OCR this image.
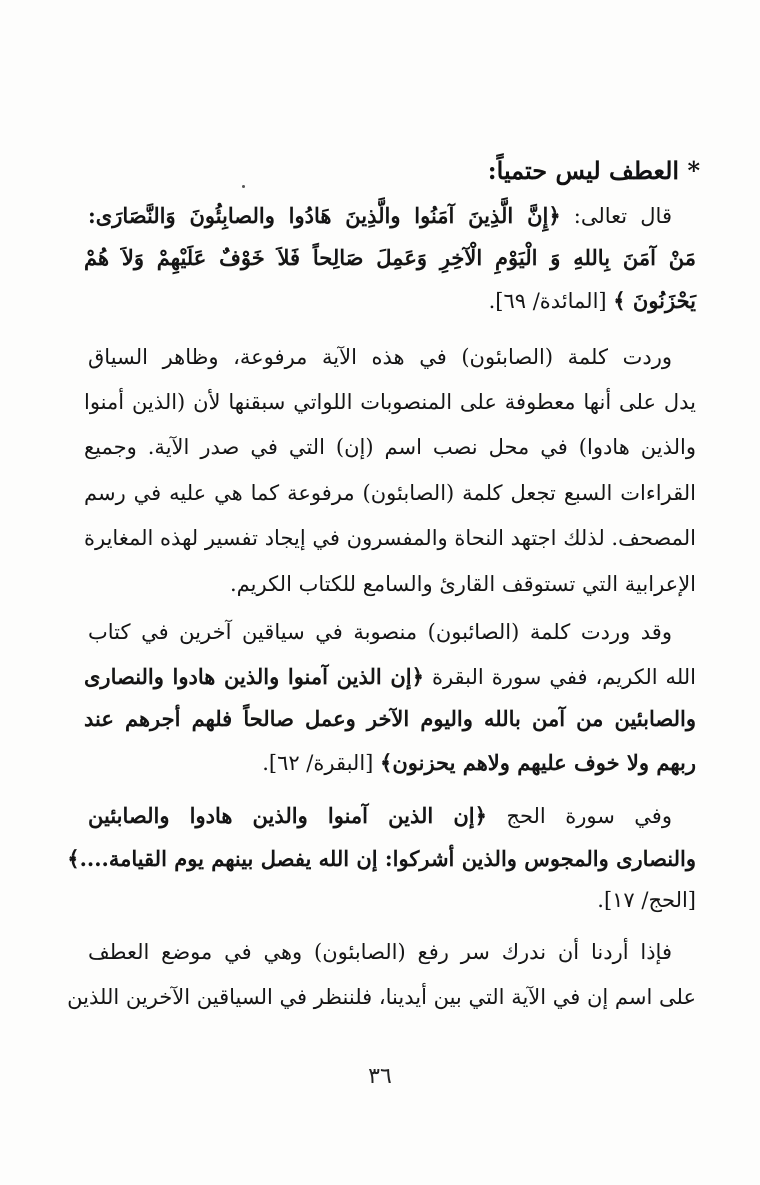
* العطف ليس حتمياً:
قال تعالى: ﴿إِنَّ الَّذِينَ آمَنُوا والَّذِينَ هَادُوا والصابِئُونَ وَالنَّصَارَى:
مَنْ آمَنَ بِاللهِ وَ الْيَوْمِ الْآخِرِ وَعَمِلَ صَالِحاً فَلاَ خَوْفٌ عَلَيْهِمْ وَلاَ هُمْ
يَحْزَنُونَ ﴾ [المائدة/ ٦٩].
وردت كلمة (الصابئون) في هذه الآية مرفوعة، وظاهر السياق
يدل على أنها معطوفة على المنصوبات اللواتي سبقنها لأن (الذين أمنوا
والذين هادوا) في محل نصب اسم (إن) التي في صدر الآية. وجميع
القراءات السبع تجعل كلمة (الصابئون) مرفوعة كما هي عليه في رسم
المصحف. لذلك اجتهد النحاة والمفسرون في إيجاد تفسير لهذه المغايرة
الإعرابية التي تستوقف القارئ والسامع للكتاب الكريم.
وقد وردت كلمة (الصائبون) منصوبة في سياقين آخرين في كتاب
الله الكريم، ففي سورة البقرة ﴿إن الذين آمنوا والذين هادوا والنصارى
والصابئين من آمن بالله واليوم الآخر وعمل صالحاً فلهم أجرهم عند
ربهم ولا خوف عليهم ولاهم يحزنون﴾ [البقرة/ ٦٢].
وفي سورة الحج ﴿إن الذين آمنوا والذين هادوا والصابئين
والنصارى والمجوس والذين أشركوا: إن الله يفصل بينهم يوم القيامة....﴾
[الحج/ ١٧].
فإذا أردنا أن ندرك سر رفع (الصابئون) وهي في موضع العطف
على اسم إن في الآية التي بين أيدينا، فلننظر في السياقين الآخرين اللذين
٣٦
